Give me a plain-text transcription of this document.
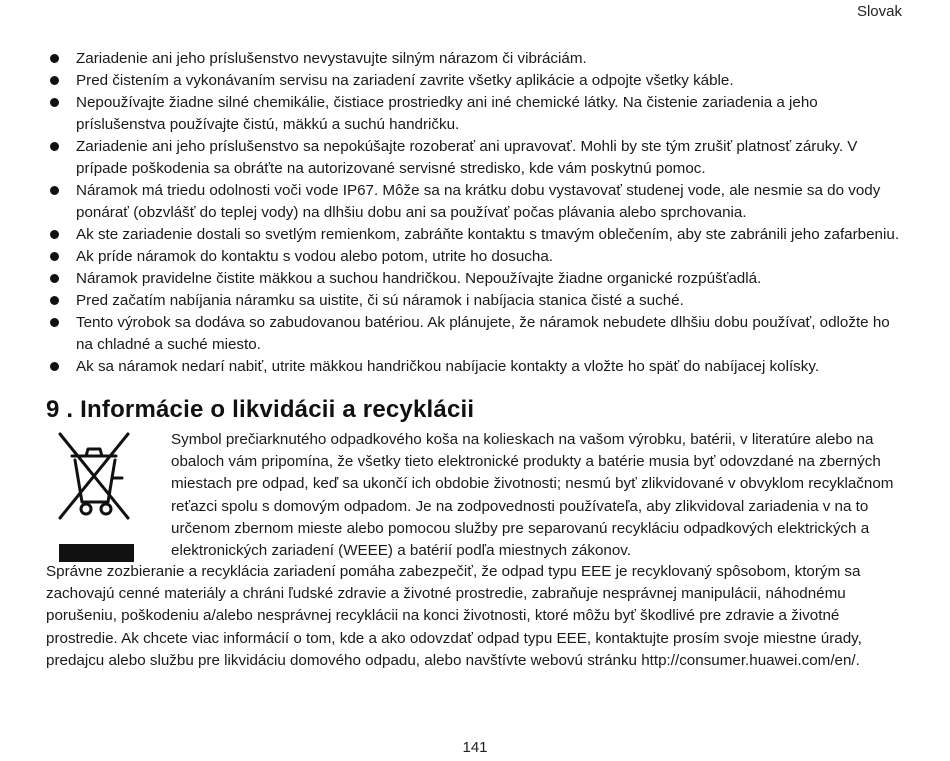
Slovak
Zariadenie ani jeho príslušenstvo nevystavujte silným nárazom či vibráciám.
Pred čistením a vykonávaním servisu na zariadení zavrite všetky aplikácie a odpojte všetky káble.
Nepoužívajte žiadne silné chemikálie, čistiace prostriedky ani iné chemické látky. Na čistenie zariadenia a jeho príslušenstva používajte čistú, mäkkú a suchú handričku.
Zariadenie ani jeho príslušenstvo sa nepokúšajte rozoberať ani upravovať. Mohli by ste tým zrušiť platnosť záruky. V prípade poškodenia sa obráťte na autorizované servisné stredisko, kde vám poskytnú pomoc.
Náramok má triedu odolnosti voči vode IP67. Môže sa na krátku dobu vystavovať studenej vode, ale nesmie sa do vody ponárať (obzvlášť do teplej vody) na dlhšiu dobu ani sa používať počas plávania alebo sprchovania.
Ak ste zariadenie dostali so svetlým remienkom, zabráňte kontaktu s tmavým oblečením, aby ste zabránili jeho zafarbeniu.
Ak príde náramok do kontaktu s vodou alebo potom, utrite ho dosucha.
Náramok pravidelne čistite mäkkou a suchou handričkou. Nepoužívajte žiadne organické rozpúšťadlá.
Pred začatím nabíjania náramku sa uistite, či sú náramok i nabíjacia stanica čisté a suché.
Tento výrobok sa dodáva so zabudovanou batériou. Ak plánujete, že náramok nebudete dlhšiu dobu používať, odložte ho na chladné a suché miesto.
Ak sa náramok nedarí nabiť, utrite mäkkou handričkou nabíjacie kontakty a vložte ho späť do nabíjacej kolísky.
9 . Informácie o likvidácii a recyklácii

Symbol prečiarknutého odpadkového koša na kolieskach na vašom výrobku, batérii, v literatúre alebo na obaloch vám pripomína, že všetky tieto elektronické produkty a batérie musia byť odovzdané na zberných miestach pre odpad, keď sa ukončí ich obdobie životnosti; nesmú byť zlikvidované v obvyklom recyklačnom reťazci spolu s domovým odpadom. Je na zodpovednosti používateľa, aby zlikvidoval zariadenia v na to určenom zbernom mieste alebo pomocou služby pre separovanú recykláciu odpadkových elektrických a elektronických zariadení (WEEE) a batérií podľa miestnych zákonov.

Správne zozbieranie a recyklácia zariadení pomáha zabezpečiť, že odpad typu EEE je recyklovaný spôsobom, ktorým sa zachovajú cenné materiály a chráni ľudské zdravie a životné prostredie, zabraňuje nesprávnej manipulácii, náhodnému porušeniu, poškodeniu a/alebo nesprávnej recyklácii na konci životnosti, ktoré môžu byť škodlivé pre zdravie a životné prostredie. Ak chcete viac informácií o tom, kde a ako odovzdať odpad typu EEE, kontaktujte prosím svoje miestne úrady, predajcu alebo službu pre likvidáciu domového odpadu, alebo navštívte webovú stránku http://consumer.huawei.com/en/.

141
